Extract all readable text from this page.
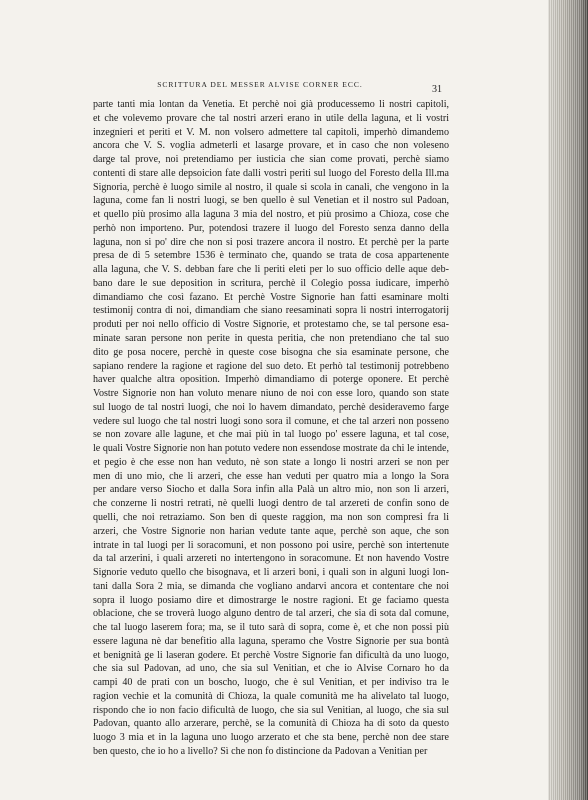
SCRITTURA DEL MESSER ALVISE CORNER ECC.	31
parte tanti mia lontan da Venetia. Et perchè noi già producessemo li nostri capitoli,
et che volevemo provare che tal nostri arzeri erano in utile della laguna, et li vostri
inzegnieri et periti et V. M. non volsero admettere tal capitoli, imperhò dimandemo
ancora che V. S. voglia admeterli et lasarge provare, et in caso che non voleseno
darge tal prove, noi pretendiamo per iusticia che sian come provati, perchè siamo
contenti di stare alle depsoicion fate dalli vostri periti sul luogo del Foresto della Ill.ma
Signoria, perchè è luogo simile al nostro, il quale si scola in canali, che vengono in la
laguna, come fan li nostri luogi, se ben quello è sul Venetian et il nostro sul Padoan,
et quello più prosimo alla laguna 3 mia del nostro, et più prosimo a Chioza, cose che
perhò non importeno. Pur, potendosi trazere il luogo del Foresto senza danno della
laguna, non si po' dire che non si posi trazere ancora il nostro. Et perchè per la parte
presa de dì 5 setembre 1536 è terminato che, quando se trata de cosa appartenente
alla laguna, che V. S. debban fare che li periti eleti per lo suo officio delle aque deb-
bano dare le sue deposition in scritura, perchè il Colegio possa iudicare, imperhò
dimandiamo che così fazano. Et perchè Vostre Signorie han fatti esaminare molti
testimonij contra di noi, dimandiam che siano reesaminati sopra li nostri interrogatorij
produti per noi nello officio di Vostre Signorie, et protestamo che, se tal persone esa-
minate saran persone non perite in questa peritia, che non pretendiano che tal suo
dito ge posa nocere, perchè in queste cose bisogna che sia esaminate persone, che
sapiano rendere la ragione et ragione del suo deto. Et perhò tal testimonij potrebbeno
haver qualche altra oposition. Imperhò dimandiamo di poterge oponere. Et perchè
Vostre Signorie non han voluto menare niuno de noi con esse loro, quando son state
sul luogo de tal nostri luogi, che noi lo havem dimandato, perchè desideravemo farge
vedere sul luogo che tal nostri luogi sono sora il comune, et che tal arzeri non posseno
se non zovare alle lagune, et che mai più in tal luogo po' essere laguna, et tal cose,
le quali Vostre Signorie non han potuto vedere non essendose mostrate da chi le intende,
et pegio è che esse non han veduto, nè son state a longo li nostri arzeri se non per
men di uno mio, che li arzeri, che esse han veduti per quatro mia a longo la Sora
per andare verso Siocho et dalla Sora infin alla Palà un altro mio, non son li arzeri,
che conzerne li nostri retrati, nè quelli luogi dentro de tal arzereti de confin sono de
quelli, che noi retraziamo. Son ben di queste raggion, ma non son compresi fra li
arzeri, che Vostre Signorie non harian vedute tante aque, perchè son aque, che son
intrate in tal luogi per li soracomuni, et non possono poi usire, perchè son intertenute
da tal arzerini, i quali arzereti no intertengono in soracomune. Et non havendo Vostre
Signorie veduto quello che bisognava, et li arzeri boni, i quali son in alguni luogi lon-
tani dalla Sora 2 mia, se dimanda che vogliano andarvi ancora et contentare che noi
sopra il luogo posiamo dire et dimostrarge le nostre ragioni. Et ge faciamo questa
oblacione, che se troverà luogo alguno dentro de tal arzeri, che sia di sota dal comune,
che tal luogo laserem fora; ma, se il tuto sarà di sopra, come è, et che non possi più
essere laguna nè dar benefitio alla laguna, speramo che Vostre Signorie per sua bontà
et benignità ge li laseran godere. Et perchè Vostre Signorie fan dificultà da uno luogo,
che sia sul Padovan, ad uno, che sia sul Venitian, et che io Alvise Cornaro ho da
campi 40 de prati con un boscho, luogo, che è sul Venitian, et per indiviso tra le
ragion vechie et la comunità di Chioza, la quale comunità me ha alivelato tal luogo,
rispondo che io non facio dificultà de luogo, che sia sul Venitian, al luogo, che sia sul
Padovan, quanto allo arzerare, perchè, se la comunità di Chioza ha di soto da questo
luogo 3 mia et in la laguna uno luogo arzerato et che sta bene, perchè non dee stare
ben questo, che io ho a livello? Sì che non fo distincione da Padovan a Venitian per
